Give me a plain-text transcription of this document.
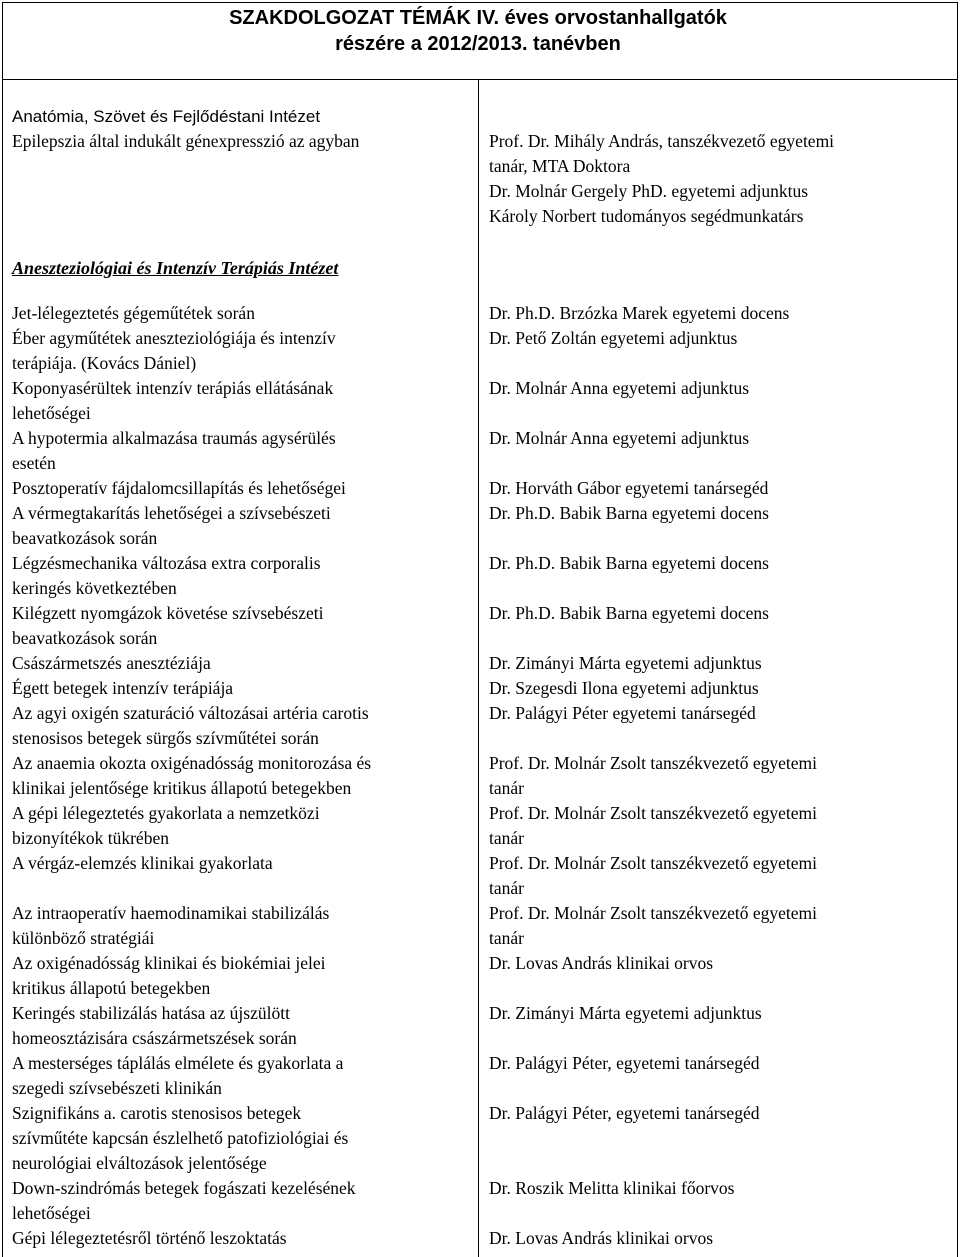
SZAKDOLGOZAT TÉMÁK IV. éves orvostanhallgatók
részére a 2012/2013. tanévben
Anatómia, Szövet és Fejlődéstani Intézet
Epilepszia által indukált génexpresszió az agyban	Prof. Dr. Mihály András, tanszékvezető egyetemi
tanár, MTA Doktora
Dr. Molnár Gergely PhD. egyetemi adjunktus
Károly Norbert tudományos segédmunkatárs
Aneszteziológiai és Intenzív Terápiás Intézet
Jet-lélegeztetés gégeműtétek során
Éber agyműtétek aneszteziológiája és intenzív
terápiája. (Kovács Dániel)
Koponyasérültek intenzív terápiás ellátásának
lehetőségei
A hypotermia alkalmazása traumás agysérülés
esetén
Posztoperatív fájdalomcsillapítás és lehetőségei
A vérmegtakarítás lehetőségei a szívsebészeti
beavatkozások során
Légzésmechanika változása extra corporalis
keringés következtében
Kilégzett nyomgázok követése szívsebészeti
beavatkozások során
Császármetszés anesztéziája
Égett betegek intenzív terápiája
Az agyi oxigén szaturáció változásai artéria carotis
stenosisos betegek sürgős szívműtétei során
Az anaemia okozta oxigénadósság monitorozása és
klinikai jelentősége kritikus állapotú betegekben
A gépi lélegeztetés gyakorlata a nemzetközi
bizonyítékok tükrében
A vérgáz-elemzés klinikai gyakorlata
Az intraoperatív haemodinamikai stabilizálás
különböző stratégiái
Az oxigénadósság klinikai és biokémiai jelei
kritikus állapotú betegekben
Keringés stabilizálás hatása az újszülött
homeosztázisára császármetszések során
A mesterséges táplálás elmélete és gyakorlata a
szegedi szívsebészeti klinikán
Szignifikáns a. carotis stenosisos betegek
szívműtéte kapcsán észlelhető patofiziológiai és
neurológiai elváltozások jelentősége
Down-szindrómás betegek fogászati kezelésének
lehetőségei
Gépi lélegeztetésről történő leszoktatás
Dr. Ph.D. Brzózka Marek egyetemi docens
Dr. Pető Zoltán egyetemi adjunktus
Dr. Molnár Anna egyetemi adjunktus
Dr. Molnár Anna egyetemi adjunktus
Dr. Horváth Gábor egyetemi tanársegéd
Dr. Ph.D. Babik Barna egyetemi docens
Dr. Ph.D. Babik Barna egyetemi docens
Dr. Ph.D. Babik Barna egyetemi docens
Dr. Zimányi Márta egyetemi adjunktus
Dr. Szegesdi Ilona egyetemi adjunktus
Dr. Palágyi Péter egyetemi tanársegéd
Prof. Dr. Molnár Zsolt tanszékvezető egyetemi
tanár
Prof. Dr. Molnár Zsolt tanszékvezető egyetemi
tanár
Prof. Dr. Molnár Zsolt tanszékvezető egyetemi
tanár
Prof. Dr. Molnár Zsolt tanszékvezető egyetemi
tanár
Dr. Lovas András klinikai orvos
Dr. Zimányi Márta egyetemi adjunktus
Dr. Palágyi Péter, egyetemi tanársegéd
Dr. Palágyi Péter, egyetemi tanársegéd
Dr. Roszik Melitta klinikai főorvos
Dr. Lovas András klinikai orvos
